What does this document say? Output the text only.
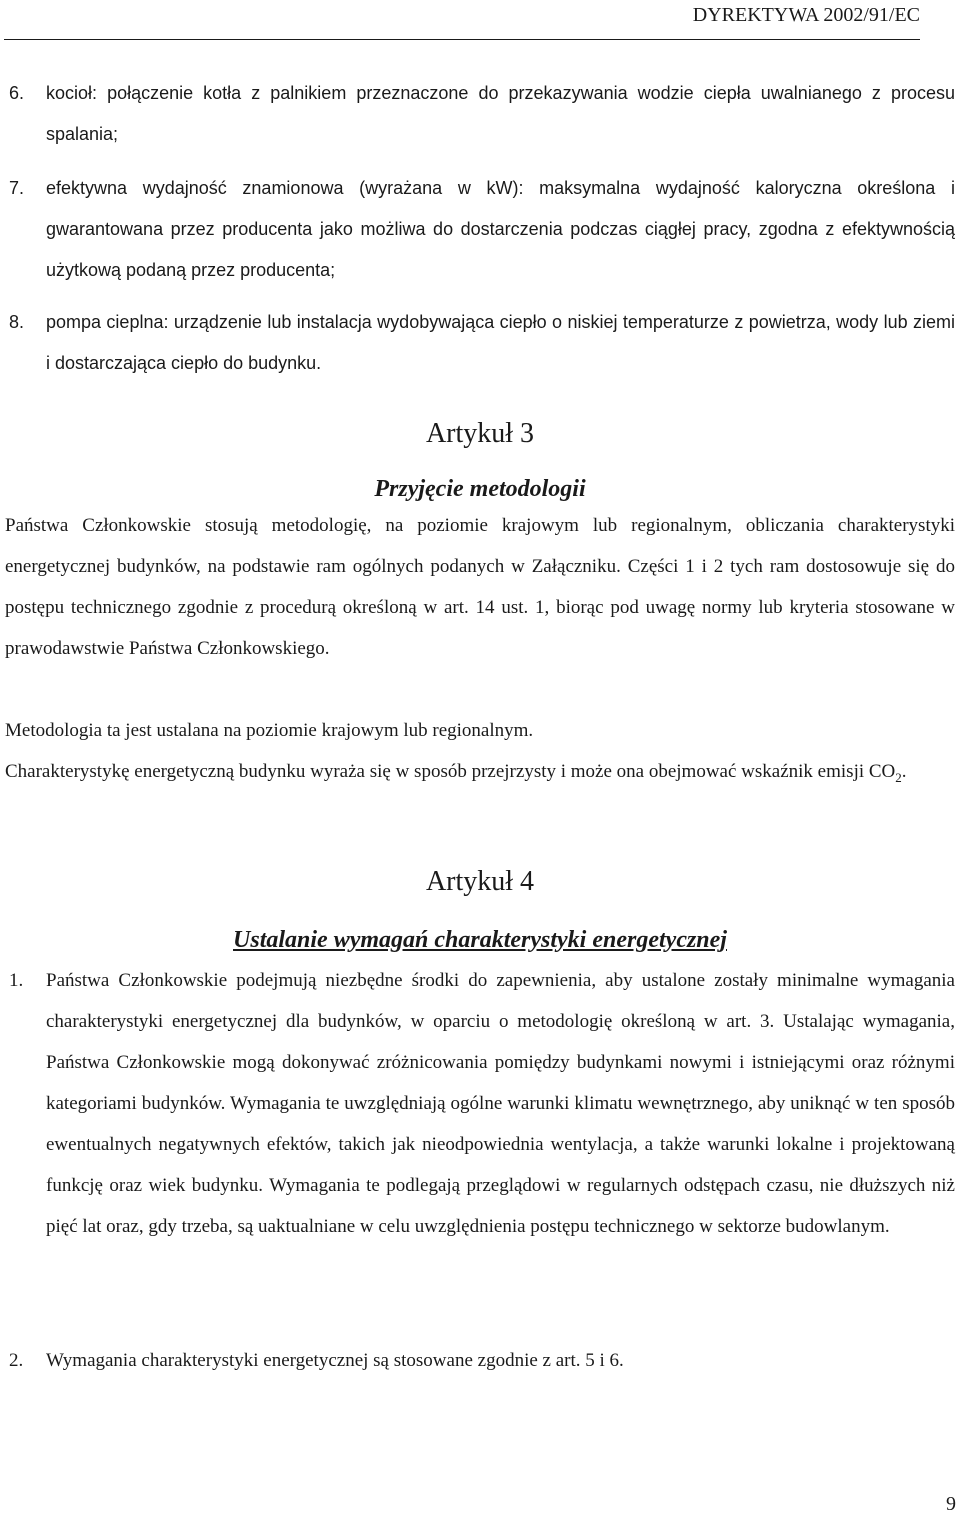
DYREKTYWA 2002/91/EC
6. kocioł: połączenie kotła z palnikiem przeznaczone do przekazywania wodzie ciepła uwalnianego z procesu spalania;
7. efektywna wydajność znamionowa (wyrażana w kW): maksymalna wydajność kaloryczna określona i gwarantowana przez producenta jako możliwa do dostarczenia podczas ciągłej pracy, zgodna z efektywnością użytkową podaną przez producenta;
8. pompa cieplna: urządzenie lub instalacja wydobywająca ciepło o niskiej temperaturze z powietrza, wody lub ziemi i dostarczająca ciepło do budynku.
Artykuł 3
Przyjęcie metodologii
Państwa Członkowskie stosują metodologię, na poziomie krajowym lub regionalnym, obliczania charakterystyki energetycznej budynków, na podstawie ram ogólnych podanych w Załączniku. Części 1 i 2 tych ram dostosowuje się do postępu technicznego zgodnie z procedurą określoną w art. 14 ust. 1, biorąc pod uwagę normy lub kryteria stosowane w prawodawstwie Państwa Członkowskiego.
Metodologia ta jest ustalana na poziomie krajowym lub regionalnym.
Charakterystykę energetyczną budynku wyraża się w sposób przejrzysty i może ona obejmować wskaźnik emisji $CO_2$.
Artykuł 4
Ustalanie wymagań charakterystyki energetycznej
1. Państwa Członkowskie podejmują niezbędne środki do zapewnienia, aby ustalone zostały minimalne wymagania charakterystyki energetycznej dla budynków, w oparciu o metodologię określoną w art. 3. Ustalając wymagania, Państwa Członkowskie mogą dokonywać zróżnicowania pomiędzy budynkami nowymi i istniejącymi oraz różnymi kategoriami budynków. Wymagania te uwzględniają ogólne warunki klimatu wewnętrznego, aby uniknąć w ten sposób ewentualnych negatywnych efektów, takich jak nieodpowiednia wentylacja, a także warunki lokalne i projektowaną funkcję oraz wiek budynku. Wymagania te podlegają przeglądowi w regularnych odstępach czasu, nie dłuższych niż pięć lat oraz, gdy trzeba, są uaktualniane w celu uwzględnienia postępu technicznego w sektorze budowlanym.
2. Wymagania charakterystyki energetycznej są stosowane zgodnie z art. 5 i 6.
9
